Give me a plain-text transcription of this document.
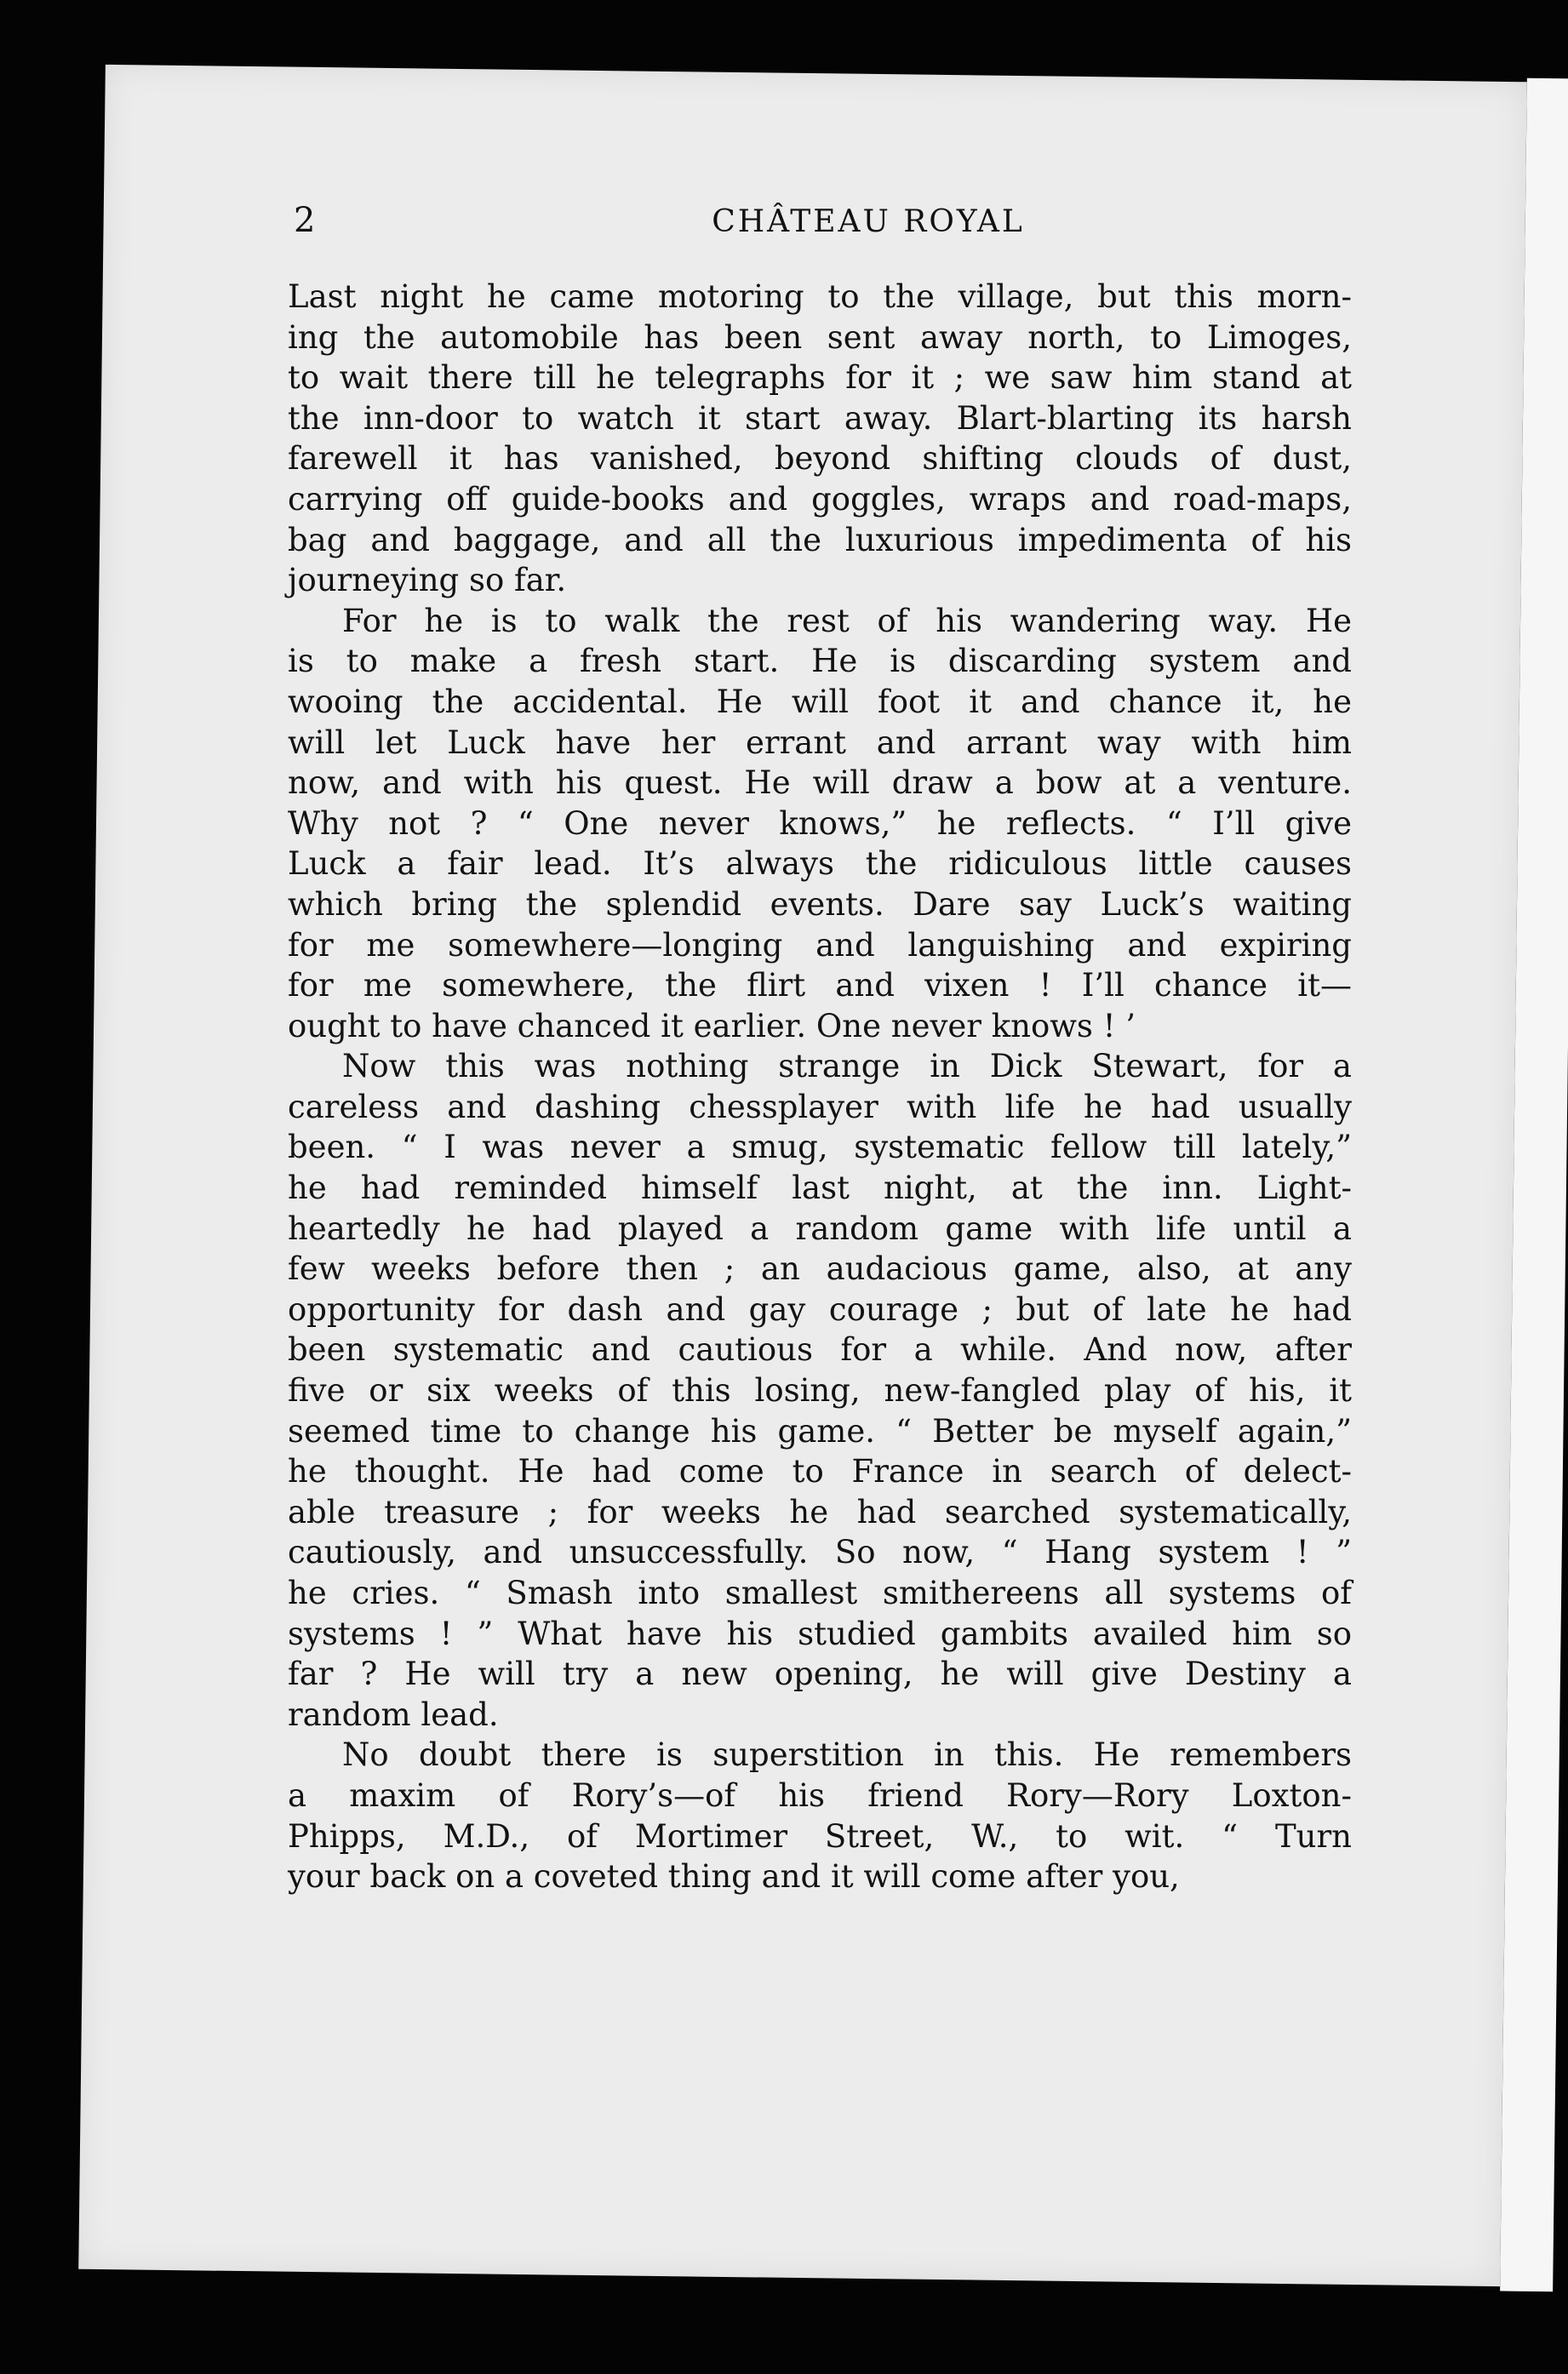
2	CHÂTEAU ROYAL
Last night he came motoring to the village, but this morn-
ing the automobile has been sent away north, to Limoges,
to wait there till he telegraphs for it ; we saw him stand at
the inn-door to watch it start away. Blart-blarting its harsh
farewell it has vanished, beyond shifting clouds of dust,
carrying off guide-books and goggles, wraps and road-maps,
bag and baggage, and all the luxurious impedimenta of his
journeying so far.
For he is to walk the rest of his wandering way. He
is to make a fresh start. He is discarding system and
wooing the accidental. He will foot it and chance it, he
will let Luck have her errant and arrant way with him
now, and with his quest. He will draw a bow at a venture.
Why not ? “ One never knows,” he reflects. “ I’ll give
Luck a fair lead. It’s always the ridiculous little causes
which bring the splendid events. Dare say Luck’s waiting
for me somewhere—longing and languishing and expiring
for me somewhere, the flirt and vixen ! I’ll chance it—
ought to have chanced it earlier. One never knows ! ’
Now this was nothing strange in Dick Stewart, for a
careless and dashing chessplayer with life he had usually
been. “ I was never a smug, systematic fellow till lately,”
he had reminded himself last night, at the inn. Light-
heartedly he had played a random game with life until a
few weeks before then ; an audacious game, also, at any
opportunity for dash and gay courage ; but of late he had
been systematic and cautious for a while. And now, after
five or six weeks of this losing, new-fangled play of his, it
seemed time to change his game. “ Better be myself again,”
he thought. He had come to France in search of delect-
able treasure ; for weeks he had searched systematically,
cautiously, and unsuccessfully. So now, “ Hang system ! ”
he cries. “ Smash into smallest smithereens all systems of
systems ! ” What have his studied gambits availed him so
far ? He will try a new opening, he will give Destiny a
random lead.
No doubt there is superstition in this. He remembers
a maxim of Rory’s—of his friend Rory—Rory Loxton-
Phipps, M.D., of Mortimer Street, W., to wit. “ Turn
your back on a coveted thing and it will come after you,
